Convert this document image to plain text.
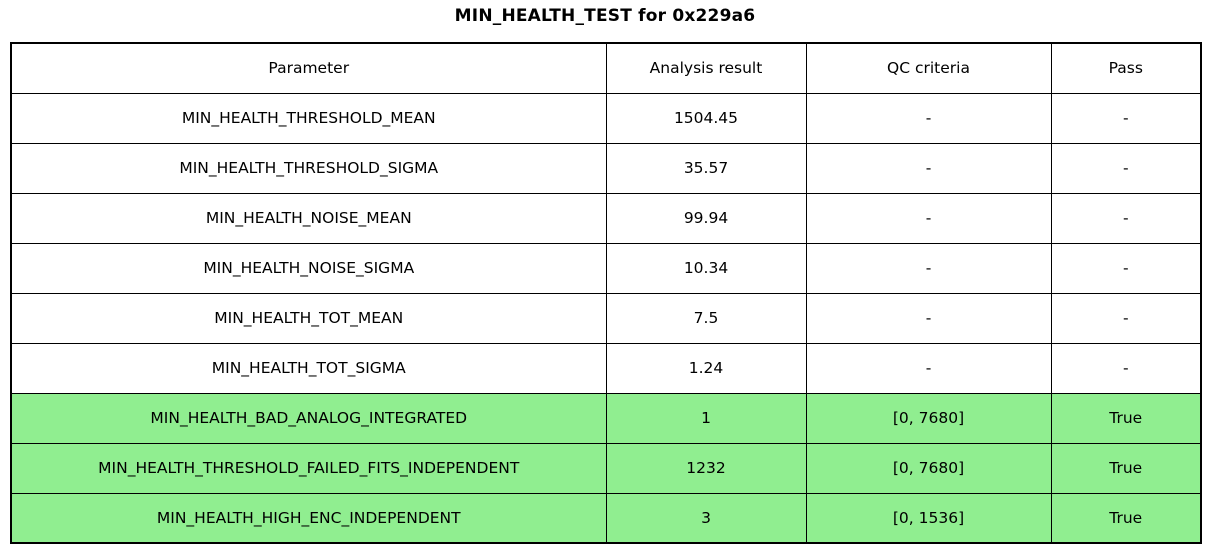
MIN_HEALTH_TEST for 0x229a6
Parameter	Analysis result	QC criteria	Pass
MIN_HEALTH_THRESHOLD_MEAN	1504.45	-	-
MIN_HEALTH_THRESHOLD_SIGMA	35.57	-	-
MIN_HEALTH_NOISE_MEAN	99.94	-	-
MIN_HEALTH_NOISE_SIGMA	10.34	-	-
MIN_HEALTH_TOT_MEAN	7.5	-	-
MIN_HEALTH_TOT_SIGMA	1.24	-	-
MIN_HEALTH_BAD_ANALOG_INTEGRATED	1	[0, 7680]	True
MIN_HEALTH_THRESHOLD_FAILED_FITS_INDEPENDENT	1232	[0, 7680]	True
MIN_HEALTH_HIGH_ENC_INDEPENDENT	3	[0, 1536]	True
